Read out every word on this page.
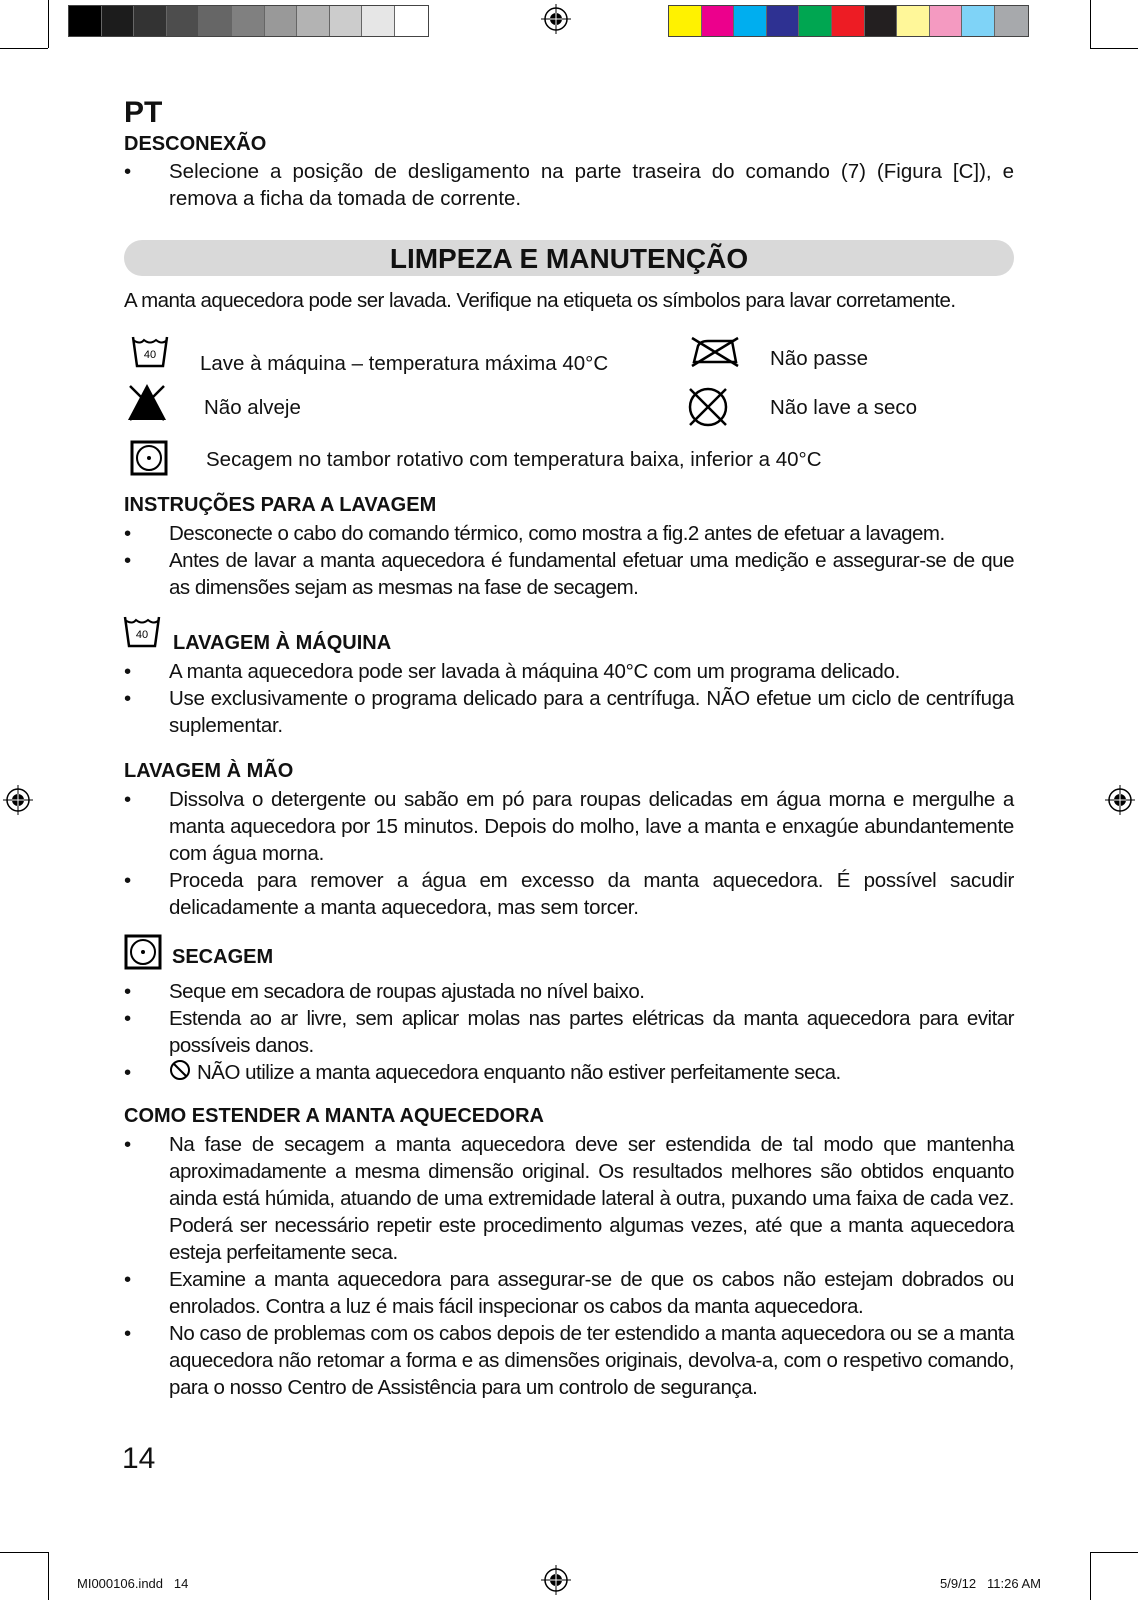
PT
DESCONEXÃO
• Selecione a posição de desligamento na parte traseira do comando (7) (Figura [C]), e remova a ficha da tomada de corrente.
LIMPEZA E MANUTENÇÃO
A manta aquecedora pode ser lavada. Verifique na etiqueta os símbolos para lavar corretamente.
40 Lave à máquina – temperatura máxima 40°C	Não passe
Não alveje	Não lave a seco
Secagem no tambor rotativo com temperatura baixa, inferior a 40°C
INSTRUÇÕES PARA A LAVAGEM
• Desconecte o cabo do comando térmico, como mostra a fig.2 antes de efetuar a lavagem.
• Antes de lavar a manta aquecedora é fundamental efetuar uma medição e assegurar-se de que as dimensões sejam as mesmas na fase de secagem.
40 LAVAGEM À MÁQUINA
• A manta aquecedora pode ser lavada à máquina 40°C com um programa delicado.
• Use exclusivamente o programa delicado para a centrífuga. NÃO efetue um ciclo de centrífuga suplementar.
LAVAGEM À MÃO
• Dissolva o detergente ou sabão em pó para roupas delicadas em água morna e mergulhe a manta aquecedora por 15 minutos. Depois do molho, lave a manta e enxagúe abundantemente com água morna.
• Proceda para remover a água em excesso da manta aquecedora. É possível sacudir delicadamente a manta aquecedora, mas sem torcer.
SECAGEM
• Seque em secadora de roupas ajustada no nível baixo.
• Estenda ao ar livre, sem aplicar molas nas partes elétricas da manta aquecedora para evitar possíveis danos.
•	NÃO utilize a manta aquecedora enquanto não estiver perfeitamente seca.
COMO ESTENDER A MANTA AQUECEDORA
• Na fase de secagem a manta aquecedora deve ser estendida de tal modo que mantenha aproximadamente a mesma dimensão original. Os resultados melhores são obtidos enquanto ainda está húmida, atuando de uma extremidade lateral à outra, puxando uma faixa de cada vez. Poderá ser necessário repetir este procedimento algumas vezes, até que a manta aquecedora esteja perfeitamente seca.
• Examine a manta aquecedora para assegurar-se de que os cabos não estejam dobrados ou enrolados. Contra a luz é mais fácil inspecionar os cabos da manta aquecedora.
• No caso de problemas com os cabos depois de ter estendido a manta aquecedora ou se a manta aquecedora não retomar a forma e as dimensões originais, devolva-a, com o respetivo comando, para o nosso Centro de Assistência para um controlo de segurança.
14
MI000106.indd   14	5/9/12   11:26 AM
